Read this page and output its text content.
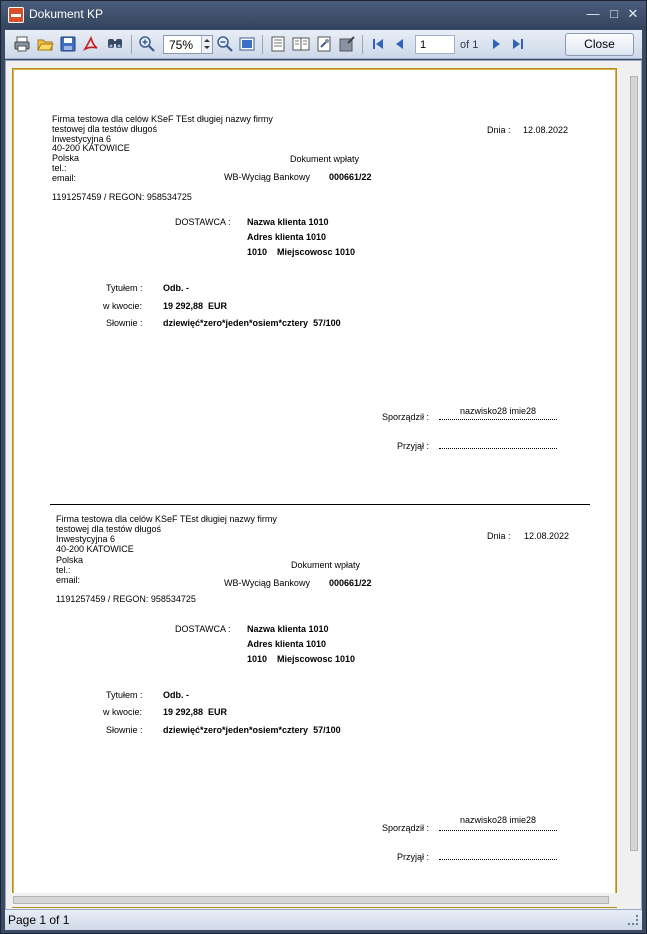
Dokument KP	— □ ✕
75%	1	of 1	Close
Firma testowa dla celów KSeF TEst długiej nazwy firmy
testowej dla testów długoś
Inwestycyjna 6
40-200 KATOWICE
Polska
tel.:
email:
1191257459 / REGON: 958534725
Dnia : 12.08.2022
Dokument wpłaty
WB-Wyciąg Bankowy 000661/22
DOSTAWCA : Nazwa klienta 1010
Adres klienta 1010
1010    Miejscowosc 1010
Tytułem : Odb. -
w kwocie: 19 292,88  EUR
Słownie : dziewięć*zero*jeden*osiem*cztery  57/100
nazwisko28 imie28
Sporządził :
Przyjął :
Firma testowa dla celów KSeF TEst długiej nazwy firmy
testowej dla testów długoś
Inwestycyjna 6
40-200 KATOWICE
Polska
tel.:
email:
1191257459 / REGON: 958534725
Dnia : 12.08.2022
Dokument wpłaty
WB-Wyciąg Bankowy 000661/22
DOSTAWCA : Nazwa klienta 1010
Adres klienta 1010
1010    Miejscowosc 1010
Tytułem : Odb. -
w kwocie: 19 292,88  EUR
Słownie : dziewięć*zero*jeden*osiem*cztery  57/100
nazwisko28 imie28
Sporządził :
Przyjął :
Page 1 of 1
